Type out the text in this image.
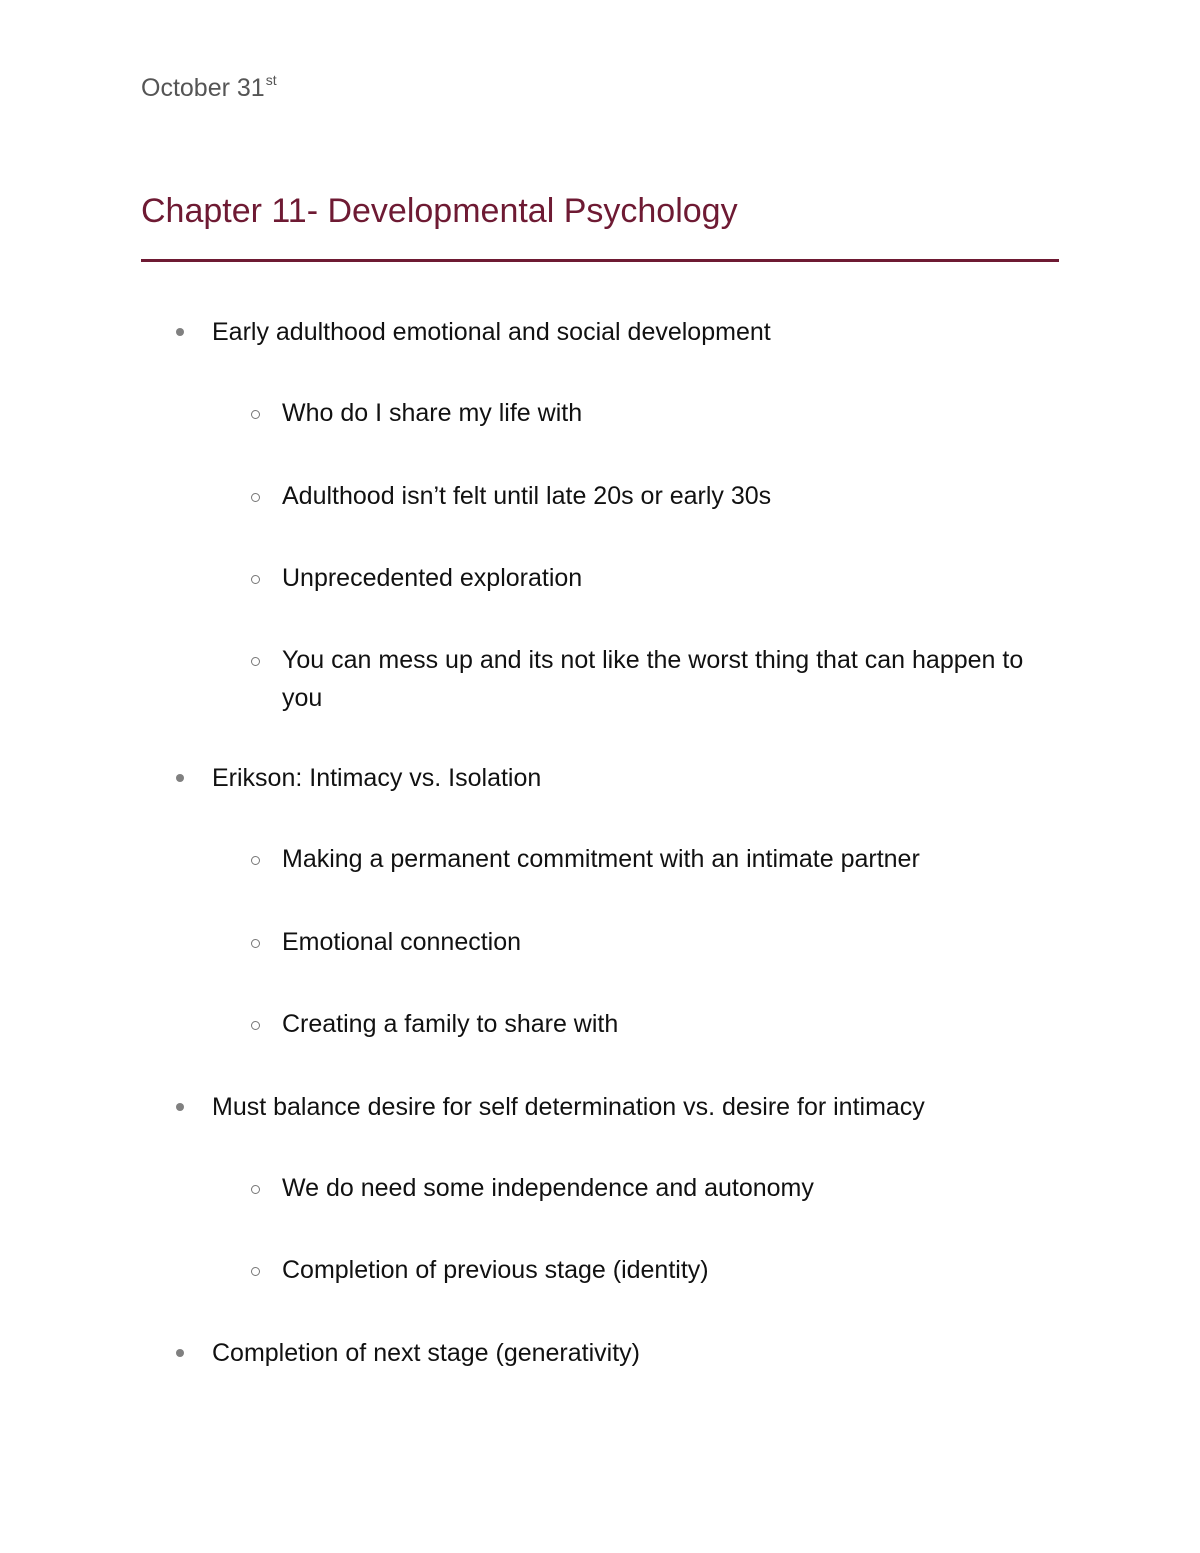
October 31st
Chapter 11- Developmental Psychology
Early adulthood emotional and social development
Who do I share my life with
Adulthood isn’t felt until late 20s or early 30s
Unprecedented exploration
You can mess up and its not like the worst thing that can happen to you
Erikson: Intimacy vs. Isolation
Making a permanent commitment with an intimate partner
Emotional connection
Creating a family to share with
Must balance desire for self determination vs. desire for intimacy
We do need some independence and autonomy
Completion of previous stage (identity)
Completion of next stage (generativity)
